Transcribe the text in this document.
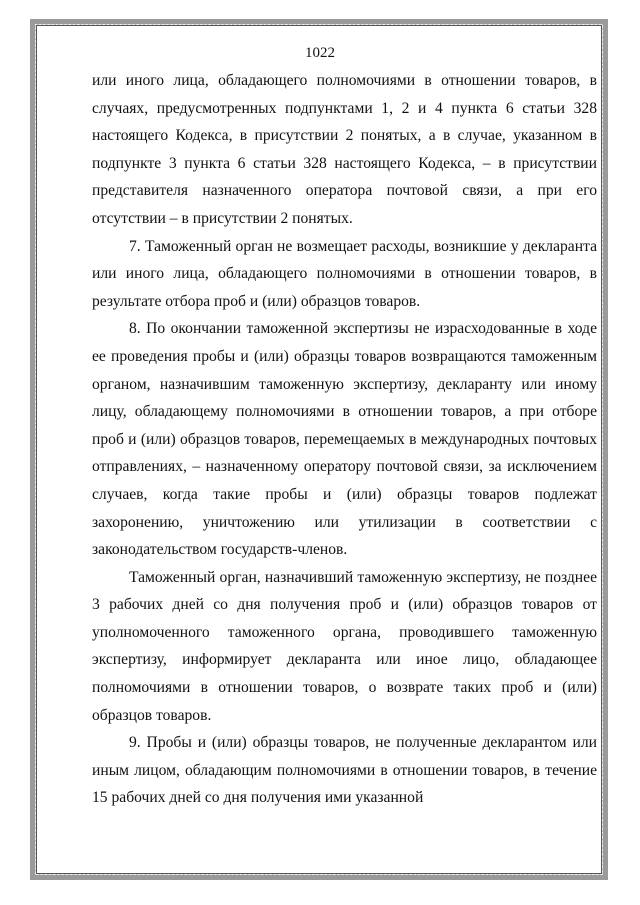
1022

или иного лица, обладающего полномочиями в отношении товаров, в случаях, предусмотренных подпунктами 1, 2 и 4 пункта 6 статьи 328 настоящего Кодекса, в присутствии 2 понятых, а в случае, указанном в подпункте 3 пункта 6 статьи 328 настоящего Кодекса, – в присутствии представителя назначенного оператора почтовой связи, а при его отсутствии – в присутствии 2 понятых.

7. Таможенный орган не возмещает расходы, возникшие у декларанта или иного лица, обладающего полномочиями в отношении товаров, в результате отбора проб и (или) образцов товаров.

8. По окончании таможенной экспертизы не израсходованные в ходе ее проведения пробы и (или) образцы товаров возвращаются таможенным органом, назначившим таможенную экспертизу, декларанту или иному лицу, обладающему полномочиями в отношении товаров, а при отборе проб и (или) образцов товаров, перемещаемых в международных почтовых отправлениях, – назначенному оператору почтовой связи, за исключением случаев, когда такие пробы и (или) образцы товаров подлежат захоронению, уничтожению или утилизации в соответствии с законодательством государств-членов.

Таможенный орган, назначивший таможенную экспертизу, не позднее 3 рабочих дней со дня получения проб и (или) образцов товаров от уполномоченного таможенного органа, проводившего таможенную экспертизу, информирует декларанта или иное лицо, обладающее полномочиями в отношении товаров, о возврате таких проб и (или) образцов товаров.

9. Пробы и (или) образцы товаров, не полученные декларантом или иным лицом, обладающим полномочиями в отношении товаров, в течение 15 рабочих дней со дня получения ими указанной
